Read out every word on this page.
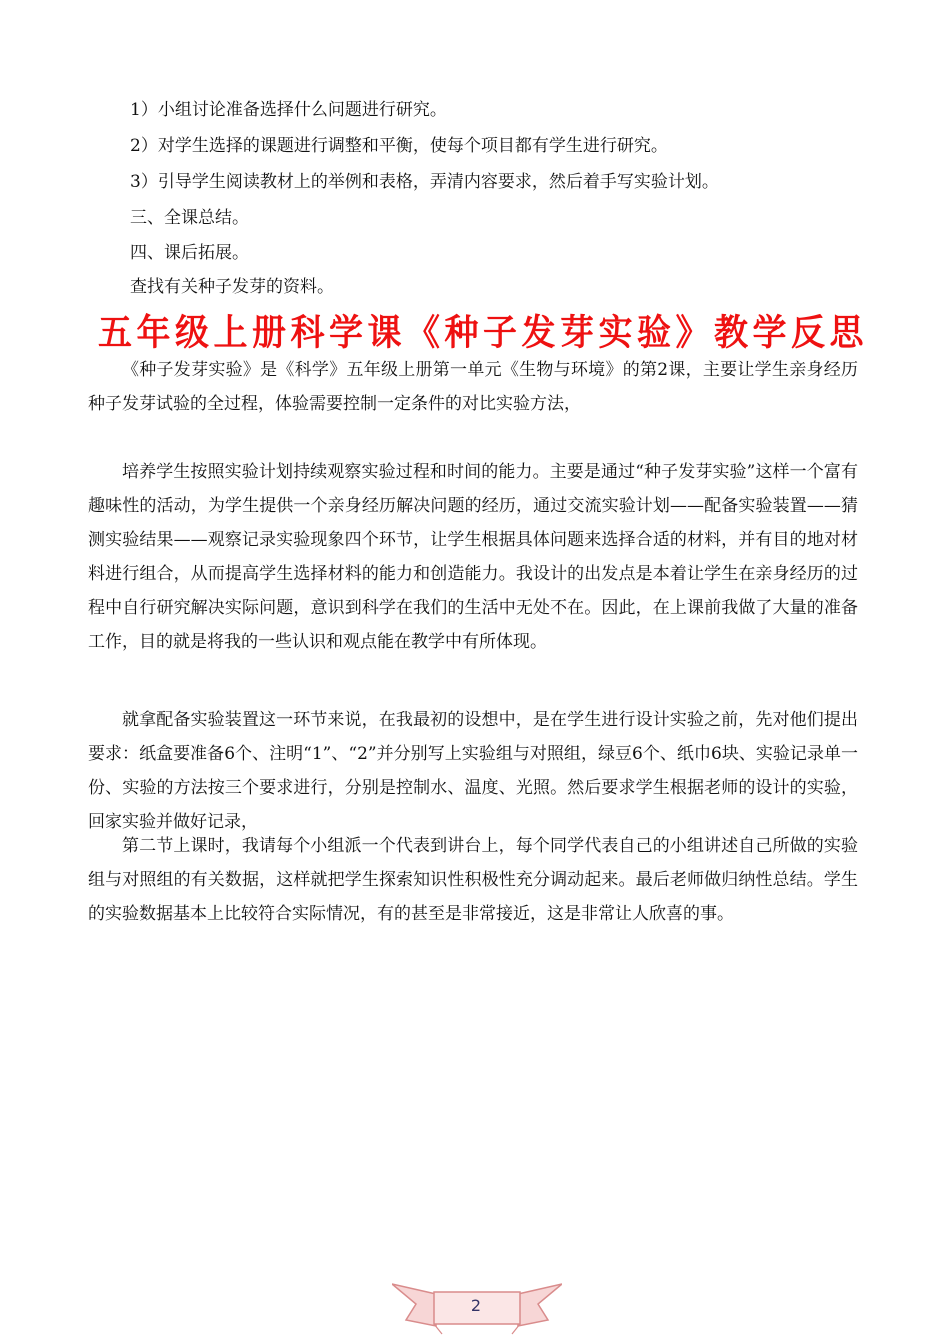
1）小组讨论准备选择什么问题进行研究。
2）对学生选择的课题进行调整和平衡，使每个项目都有学生进行研究。
3）引导学生阅读教材上的举例和表格，弄清内容要求，然后着手写实验计划。
三、全课总结。
四、课后拓展。
查找有关种子发芽的资料。
五年级上册科学课《种子发芽实验》教学反思

《种子发芽实验》是《科学》五年级上册第一单元《生物与环境》的第2课，主要让学生亲身经历种子发芽试验的全过程，体验需要控制一定条件的对比实验方法，

培养学生按照实验计划持续观察实验过程和时间的能力。主要是通过“种子发芽实验”这样一个富有趣味性的活动，为学生提供一个亲身经历解决问题的经历，通过交流实验计划——配备实验装置——猜测实验结果——观察记录实验现象四个环节，让学生根据具体问题来选择合适的材料，并有目的地对材料进行组合，从而提高学生选择材料的能力和创造能力。我设计的出发点是本着让学生在亲身经历的过程中自行研究解决实际问题，意识到科学在我们的生活中无处不在。因此，在上课前我做了大量的准备工作，目的就是将我的一些认识和观点能在教学中有所体现。

就拿配备实验装置这一环节来说，在我最初的设想中，是在学生进行设计实验之前，先对他们提出要求：纸盒要准备6个、注明“1”、“2”并分别写上实验组与对照组，绿豆6个、纸巾6块、实验记录单一份、实验的方法按三个要求进行，分别是控制水、温度、光照。然后要求学生根据老师的设计的实验，回家实验并做好记录，

第二节上课时，我请每个小组派一个代表到讲台上，每个同学代表自己的小组讲述自己所做的实验组与对照组的有关数据，这样就把学生探索知识性积极性充分调动起来。最后老师做归纳性总结。学生的实验数据基本上比较符合实际情况，有的甚至是非常接近，这是非常让人欣喜的事。

2
